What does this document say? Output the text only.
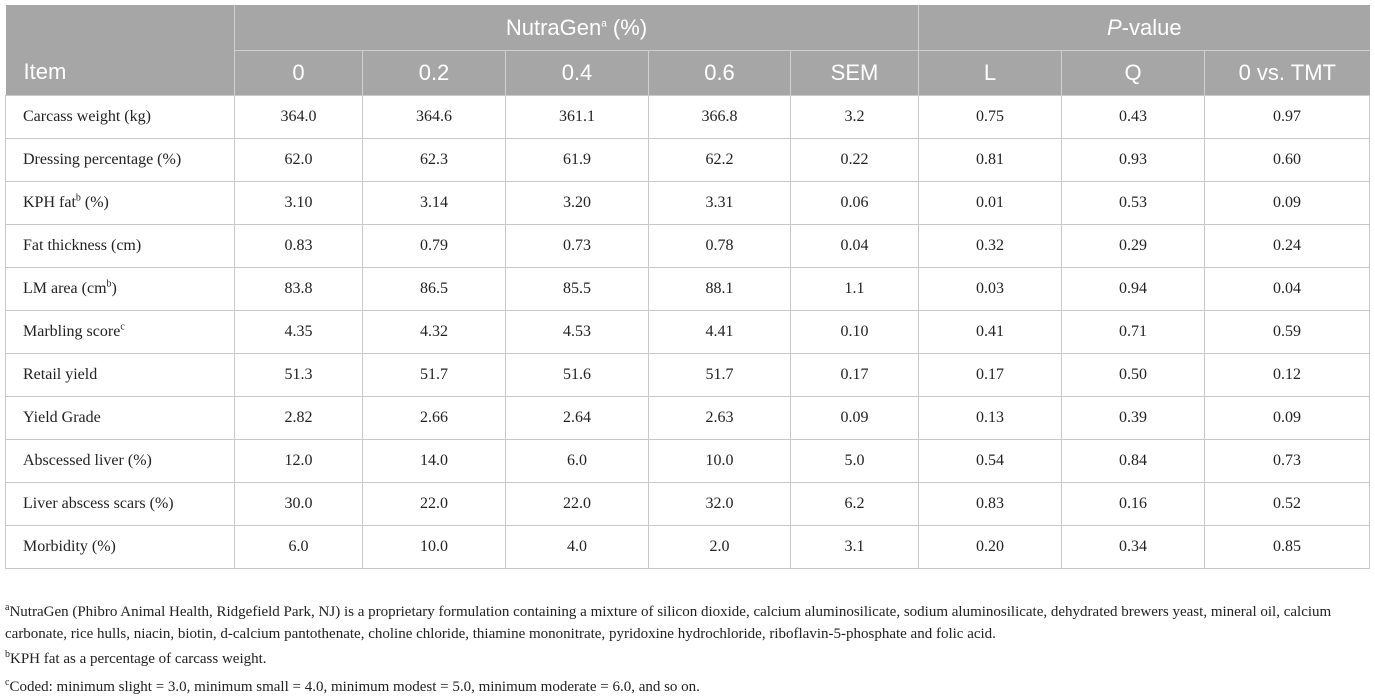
Item	NutraGen$^a$ (%)					P-value		
	0	0.2	0.4	0.6	SEM	L	Q	0 vs. TMT
Carcass weight (kg)	364.0	364.6	361.1	366.8	3.2	0.75	0.43	0.97
Dressing percentage (%)	62.0	62.3	61.9	62.2	0.22	0.81	0.93	0.60
KPH fat$^b$ (%)	3.10	3.14	3.20	3.31	0.06	0.01	0.53	0.09
Fat thickness (cm)	0.83	0.79	0.73	0.78	0.04	0.32	0.29	0.24
LM area $(cm^b)$	83.8	86.5	85.5	88.1	1.1	0.03	0.94	0.04
Marbling score$^c$	4.35	4.32	4.53	4.41	0.10	0.41	0.71	0.59
Retail yield	51.3	51.7	51.6	51.7	0.17	0.17	0.50	0.12
Yield Grade	2.82	2.66	2.64	2.63	0.09	0.13	0.39	0.09
Abscessed liver (%)	12.0	14.0	6.0	10.0	5.0	0.54	0.84	0.73
Liver abscess scars (%)	30.0	22.0	22.0	32.0	6.2	0.83	0.16	0.52
Morbidity (%)	6.0	10.0	4.0	2.0	3.1	0.20	0.34	0.85

$^a$NutraGen (Phibro Animal Health, Ridgefield Park, NJ) is a proprietary formulation containing a mixture of silicon dioxide, calcium aluminosilicate, sodium aluminosilicate, dehydrated brewers yeast, mineral oil, calcium carbonate, rice hulls, niacin, biotin, d-calcium pantothenate, choline chloride, thiamine mononitrate, pyridoxine hydrochloride, riboflavin-5-phosphate and folic acid.

$^b$KPH fat as a percentage of carcass weight.

$^c$Coded: minimum slight = 3.0, minimum small = 4.0, minimum modest = 5.0, minimum moderate = 6.0, and so on.
